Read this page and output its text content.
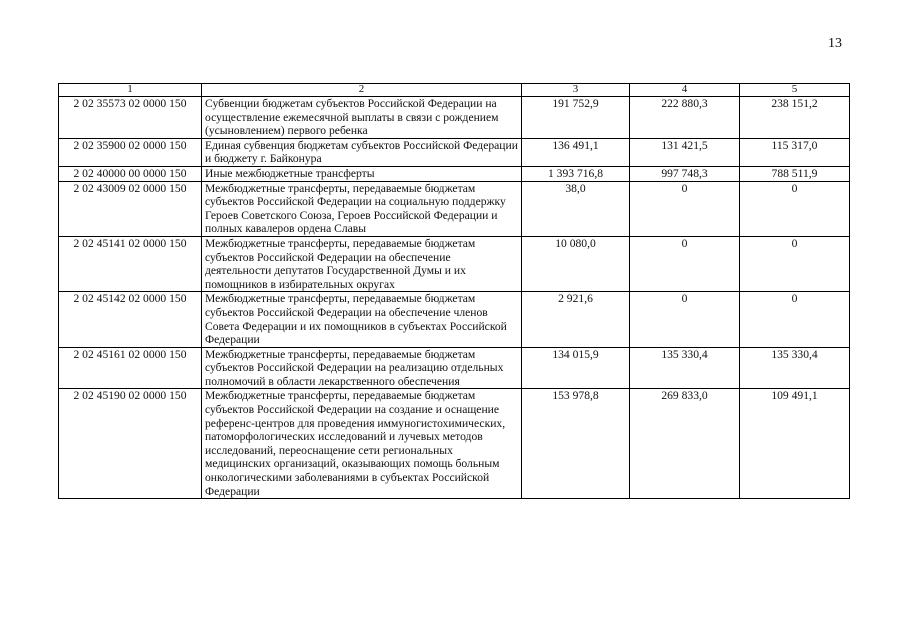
13
1	2	3	4	5
2 02 35573 02 0000 150	Субвенции бюджетам субъектов Российской Федерации на осуществление ежемесячной выплаты в связи с рождением (усыновлением) первого ребенка	191 752,9	222 880,3	238 151,2
2 02 35900 02 0000 150	Единая субвенция бюджетам субъектов Российской Федерации и бюджету г. Байконура	136 491,1	131 421,5	115 317,0
2 02 40000 00 0000 150	Иные межбюджетные трансферты	1 393 716,8	997 748,3	788 511,9
2 02 43009 02 0000 150	Межбюджетные трансферты, передаваемые бюджетам субъектов Российской Федерации на социальную поддержку Героев Советского Союза, Героев Российской Федерации и полных кавалеров ордена Славы	38,0	0	0
2 02 45141 02 0000 150	Межбюджетные трансферты, передаваемые бюджетам субъектов Российской Федерации на обеспечение деятельности депутатов Государственной Думы и их помощников в избирательных округах	10 080,0	0	0
2 02 45142 02 0000 150	Межбюджетные трансферты, передаваемые бюджетам субъектов Российской Федерации на обеспечение членов Совета Федерации и их помощников в субъектах Российской Федерации	2 921,6	0	0
2 02 45161 02 0000 150	Межбюджетные трансферты, передаваемые бюджетам субъектов Российской Федерации на реализацию отдельных полномочий в области лекарственного обеспечения	134 015,9	135 330,4	135 330,4
2 02 45190 02 0000 150	Межбюджетные трансферты, передаваемые бюджетам субъектов Российской Федерации на создание и оснащение референс-центров для проведения иммуногистохимических, патоморфологических исследований и лучевых методов исследований, переоснащение сети региональных медицинских организаций, оказывающих помощь больным онкологическими заболеваниями в субъектах Российской Федерации	153 978,8	269 833,0	109 491,1
